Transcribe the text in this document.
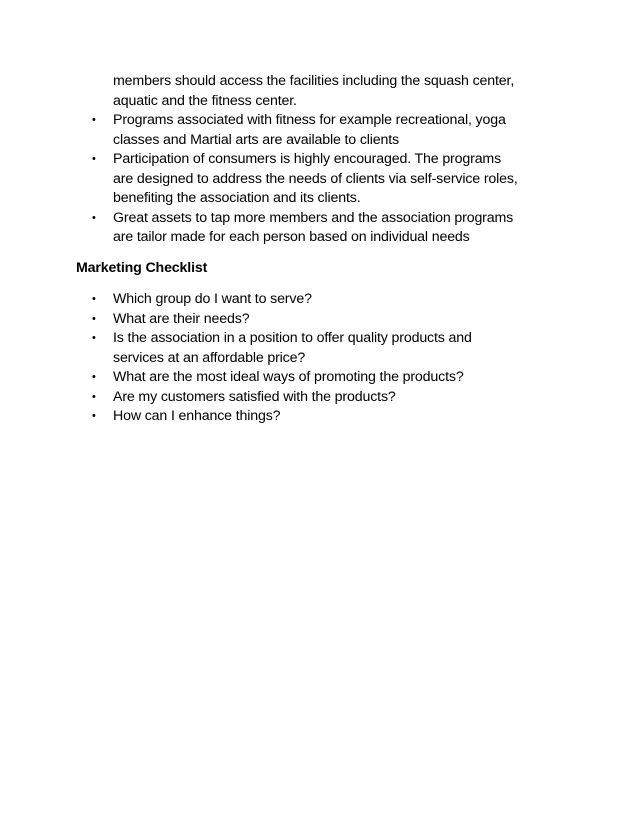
members should access the facilities including the squash center,
aquatic and the fitness center.
• Programs associated with fitness for example recreational, yoga
classes and Martial arts are available to clients
• Participation of consumers is highly encouraged. The programs
are designed to address the needs of clients via self-service roles,
benefiting the association and its clients.
• Great assets to tap more members and the association programs
are tailor made for each person based on individual needs
Marketing Checklist
• Which group do I want to serve?
• What are their needs?
• Is the association in a position to offer quality products and
services at an affordable price?
• What are the most ideal ways of promoting the products?
• Are my customers satisfied with the products?
• How can I enhance things?
